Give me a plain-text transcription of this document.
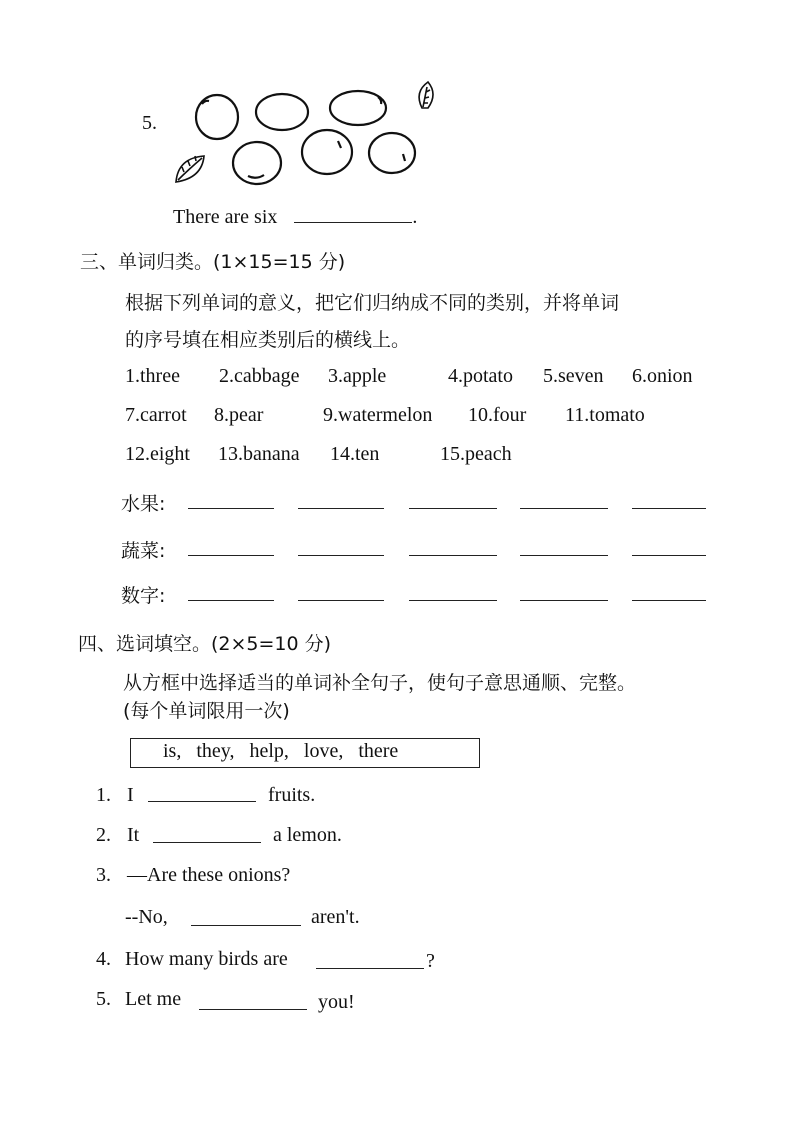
5.
There are six	.
三、单词归类。(1×15=15 分)
根据下列单词的意义，把它们归纳成不同的类别，并将单词
的序号填在相应类别后的横线上。
1.three 2.cabbage 3.apple	4.potato 5.seven 6.onion
7.carrot 8.pear	9.watermelon 10.four 11.tomato
12.eight 13.banana 14.ten	15.peach
水果:
蔬菜:
数字:
四、选词填空。(2×5=10 分)
从方框中选择适当的单词补全句子，使句子意思通顺、完整。
(每个单词限用一次)
is,   they,   help,   love,   there
1. I	fruits.
2. It	a lemon.
3. —Are these onions?
--No,	aren't.
4. How many birds are	?
5. Let me	you!
